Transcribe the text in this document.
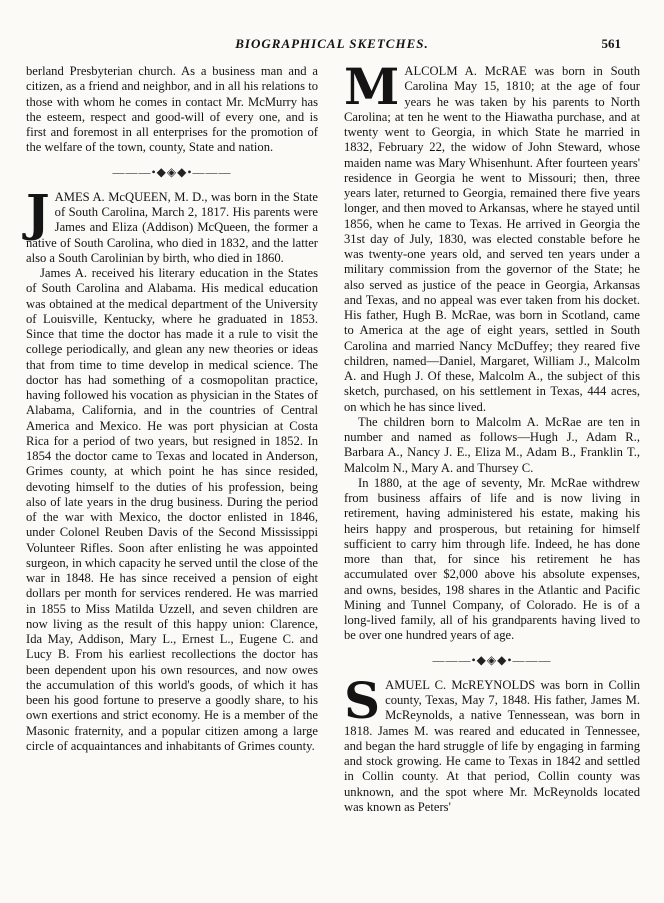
BIOGRAPHICAL SKETCHES.	561

berland Presbyterian church. As a business man and a citizen, as a friend and neighbor, and in all his relations to those with whom he comes in contact Mr. McMurry has the esteem, respect and good-will of every one, and is first and foremost in all enterprises for the promotion of the welfare of the town, county, State and nation.

———•◆◈◆•———

JAMES A. McQUEEN, M. D., was born in the State of South Carolina, March 2, 1817. His parents were James and Eliza (Addison) McQueen, the former a native of South Carolina, who died in 1832, and the latter also a South Carolinian by birth, who died in 1860.

James A. received his literary education in the States of South Carolina and Alabama. His medical education was obtained at the medical department of the University of Louisville, Kentucky, where he graduated in 1853. Since that time the doctor has made it a rule to visit the college periodically, and glean any new theories or ideas that from time to time develop in medical science. The doctor has had something of a cosmopolitan practice, having followed his vocation as physician in the States of Alabama, California, and in the countries of Central America and Mexico. He was port physician at Costa Rica for a period of two years, but resigned in 1852. In 1854 the doctor came to Texas and located in Anderson, Grimes county, at which point he has since resided, devoting himself to the duties of his profession, being also of late years in the drug business. During the period of the war with Mexico, the doctor enlisted in 1846, under Colonel Reuben Davis of the Second Mississippi Volunteer Rifles. Soon after enlisting he was appointed surgeon, in which capacity he served until the close of the war in 1848. He has since received a pension of eight dollars per month for services rendered. He was married in 1855 to Miss Matilda Uzzell, and seven children are now living as the result of this happy union: Clarence, Ida May, Addison, Mary L., Ernest L., Eugene C. and Lucy B. From his earliest recollections the doctor has been dependent upon his own resources, and now owes the accumulation of this world's goods, of which it has been his good fortune to preserve a goodly share, to his own exertions and strict economy. He is a member of the Masonic fraternity, and a popular citizen among a large circle of acquaintances and inhabitants of Grimes county.

MALCOLM A. McRAE was born in South Carolina May 15, 1810; at the age of four years he was taken by his parents to North Carolina; at ten he went to the Hiawatha purchase, and at twenty went to Georgia, in which State he married in 1832, February 22, the widow of John Steward, whose maiden name was Mary Whisenhunt. After fourteen years' residence in Georgia he went to Missouri; then, three years later, returned to Georgia, remained there five years longer, and then moved to Arkansas, where he stayed until 1856, when he came to Texas. He arrived in Georgia the 31st day of July, 1830, was elected constable before he was twenty-one years old, and served ten years under a military commission from the governor of the State; he also served as justice of the peace in Georgia, Arkansas and Texas, and no appeal was ever taken from his docket. His father, Hugh B. McRae, was born in Scotland, came to America at the age of eight years, settled in South Carolina and married Nancy McDuffey; they reared five children, named—Daniel, Margaret, William J., Malcolm A. and Hugh J. Of these, Malcolm A., the subject of this sketch, purchased, on his settlement in Texas, 444 acres, on which he has since lived.

The children born to Malcolm A. McRae are ten in number and named as follows—Hugh J., Adam R., Barbara A., Nancy J. E., Eliza M., Adam B., Franklin T., Malcolm N., Mary A. and Thursey C.

In 1880, at the age of seventy, Mr. McRae withdrew from business affairs of life and is now living in retirement, having administered his estate, making his heirs happy and prosperous, but retaining for himself sufficient to carry him through life. Indeed, he has done more than that, for since his retirement he has accumulated over $2,000 above his absolute expenses, and owns, besides, 198 shares in the Atlantic and Pacific Mining and Tunnel Company, of Colorado. He is of a long-lived family, all of his grandparents having lived to be over one hundred years of age.

———•◆◈◆•———

SAMUEL C. McREYNOLDS was born in Collin county, Texas, May 7, 1848. His father, James M. McReynolds, a native Tennessean, was born in 1818. James M. was reared and educated in Tennessee, and began the hard struggle of life by engaging in farming and stock growing. He came to Texas in 1842 and settled in Collin county. At that period, Collin county was unknown, and the spot where Mr. McReynolds located was known as Peters'
